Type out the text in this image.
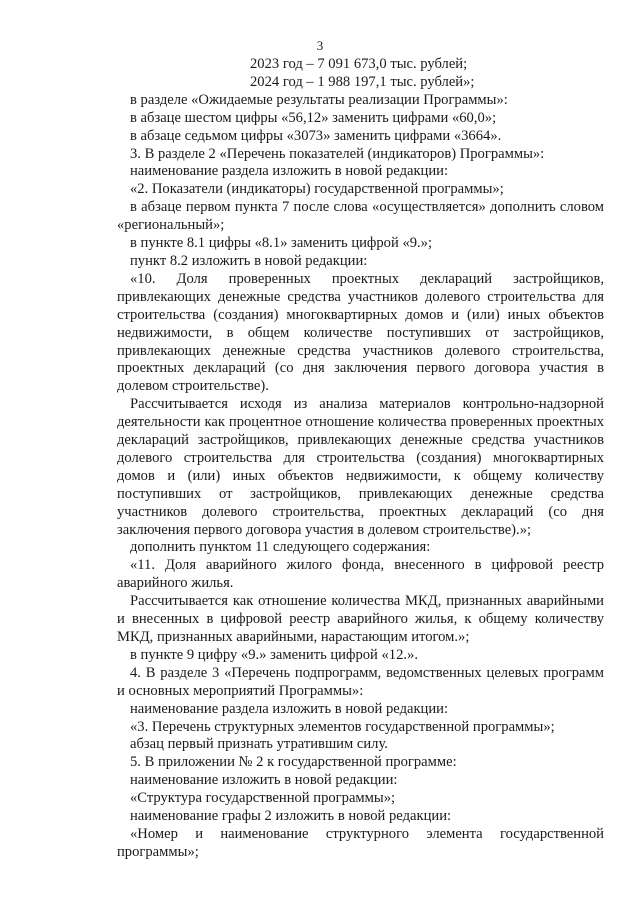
3

2023 год – 7 091 673,0 тыс. рублей;

2024 год – 1 988 197,1 тыс. рублей»;

в разделе «Ожидаемые результаты реализации Программы»:

в абзаце шестом цифры «56,12» заменить цифрами «60,0»;

в абзаце седьмом цифры «3073» заменить цифрами «3664».

3. В разделе 2 «Перечень показателей (индикаторов) Программы»:

наименование раздела изложить в новой редакции:

«2. Показатели (индикаторы) государственной программы»;

в абзаце первом пункта 7 после слова «осуществляется» дополнить словом «региональный»;

в пункте 8.1 цифры «8.1» заменить цифрой «9.»;

пункт 8.2 изложить в новой редакции:

«10. Доля проверенных проектных деклараций застройщиков, привлекающих денежные средства участников долевого строительства для строительства (создания) многоквартирных домов и (или) иных объектов недвижимости, в общем количестве поступивших от застройщиков, привлекающих денежные средства участников долевого строительства, проектных деклараций (со дня заключения первого договора участия в долевом строительстве).

Рассчитывается исходя из анализа материалов контрольно-надзорной деятельности как процентное отношение количества проверенных проектных деклараций застройщиков, привлекающих денежные средства участников долевого строительства для строительства (создания) многоквартирных домов и (или) иных объектов недвижимости, к общему количеству поступивших от застройщиков, привлекающих денежные средства участников долевого строительства, проектных деклараций (со дня заключения первого договора участия в долевом строительстве).»;

дополнить пунктом 11 следующего содержания:

«11. Доля аварийного жилого фонда, внесенного в цифровой реестр аварийного жилья.

Рассчитывается как отношение количества МКД, признанных аварийными и внесенных в цифровой реестр аварийного жилья, к общему количеству МКД, признанных аварийными, нарастающим итогом.»;

в пункте 9 цифру «9.» заменить цифрой «12.».

4. В разделе 3 «Перечень подпрограмм, ведомственных целевых программ и основных мероприятий Программы»:

наименование раздела изложить в новой редакции:

«3. Перечень структурных элементов государственной программы»;

абзац первый признать утратившим силу.

5. В приложении № 2 к государственной программе:

наименование изложить в новой редакции:

«Структура государственной программы»;

наименование графы 2 изложить в новой редакции:

«Номер и наименование структурного элемента государственной программы»;
